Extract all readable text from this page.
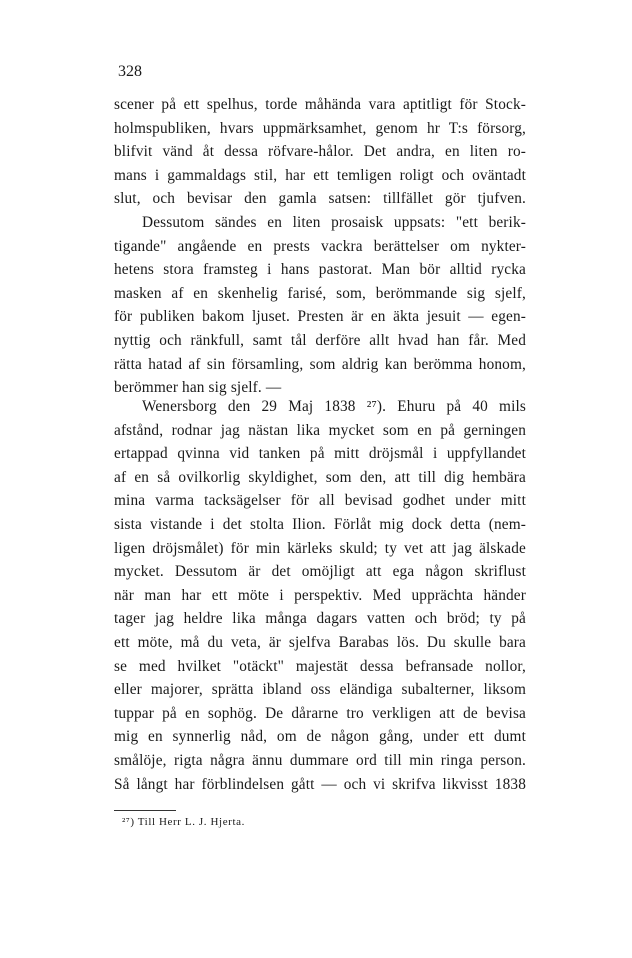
328
scener på ett spelhus, torde måhända vara aptitligt för Stock-
holmspubliken, hvars uppmärksamhet, genom hr T:s försorg,
blifvit vänd åt dessa röfvare-hålor. Det andra, en liten ro-
mans i gammaldags stil, har ett temligen roligt och oväntadt
slut, och bevisar den gamla satsen: tillfället gör tjufven.
Dessutom sändes en liten prosaisk uppsats: "ett berik-
tigande" angående en prests vackra berättelser om nykter-
hetens stora framsteg i hans pastorat. Man bör alltid rycka
masken af en skenhelig farisé, som, berömmande sig sjelf,
för publiken bakom ljuset. Presten är en äkta jesuit — egen-
nyttig och ränkfull, samt tål derföre allt hvad han får. Med
rätta hatad af sin församling, som aldrig kan berömma honom,
berömmer han sig sjelf. —
Wenersborg den 29 Maj 1838 ²⁷). Ehuru på 40 mils
afstånd, rodnar jag nästan lika mycket som en på gerningen
ertappad qvinna vid tanken på mitt dröjsmål i uppfyllandet
af en så ovilkorlig skyldighet, som den, att till dig hembära
mina varma tacksägelser för all bevisad godhet under mitt
sista vistande i det stolta Ilion. Förlåt mig dock detta (nem-
ligen dröjsmålet) för min kärleks skuld; ty vet att jag älskade
mycket. Dessutom är det omöjligt att ega någon skriflust
när man har ett möte i perspektiv. Med upprächta händer
tager jag heldre lika många dagars vatten och bröd; ty på
ett möte, må du veta, är sjelfva Barabas lös. Du skulle bara
se med hvilket "otäckt" majestät dessa befransade nollor,
eller majorer, sprätta ibland oss eländiga subalterner, liksom
tuppar på en sophög. De dårarne tro verkligen att de bevisa
mig en synnerlig nåd, om de någon gång, under ett dumt
smålöje, rigta några ännu dummare ord till min ringa person.
Så långt har förblindelsen gått — och vi skrifva likvisst 1838
²⁷) Till Herr L. J. Hjerta.
